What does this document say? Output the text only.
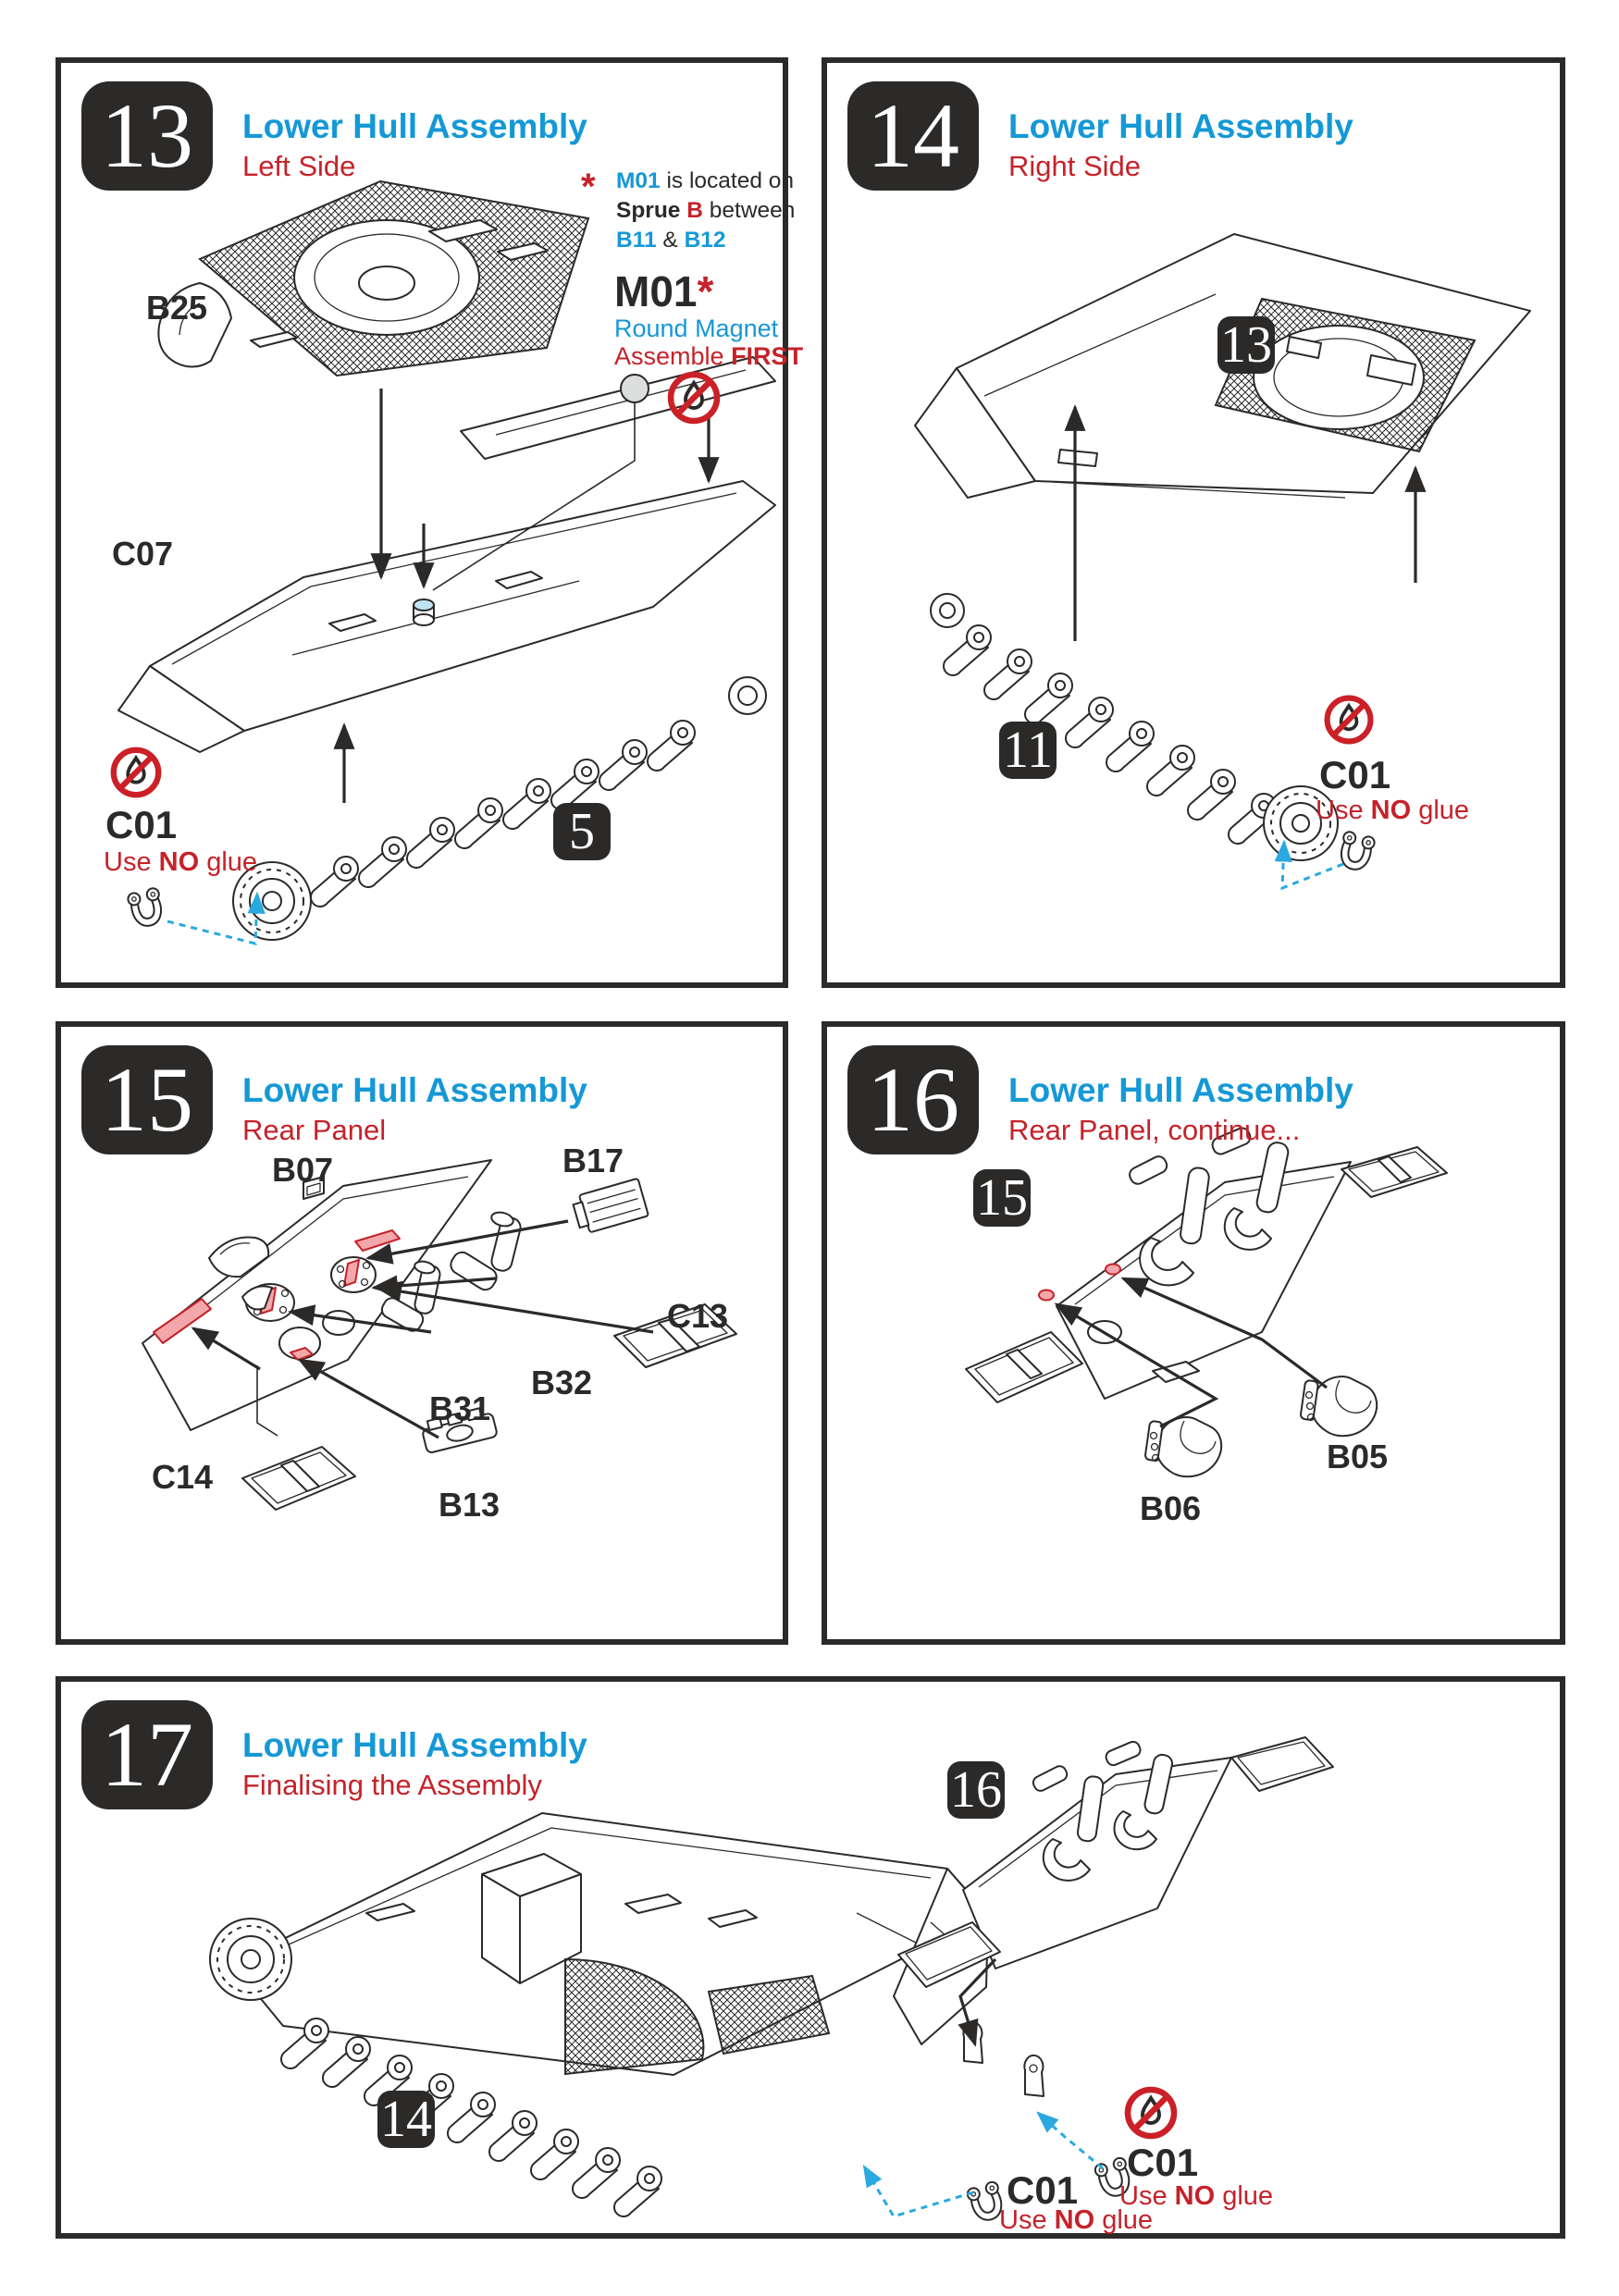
13 Lower Hull Assembly
Left Side
* M01 is located on
Sprue B between
B11 & B12
B25
C07
M01*
Round Magnet
Assemble FIRST
C01
Use NO glue
5
14 Lower Hull Assembly
Right Side
13
11	C01
Use NO glue
15 Lower Hull Assembly
Rear Panel
B07	B17
C13
B32
B31
B13
C14
16 Lower Hull Assembly
Rear Panel, continue...
15
B05
B06
17 Lower Hull Assembly
Finalising the Assembly	16
14
C01
Use NO glue
C01
Use NO glue
